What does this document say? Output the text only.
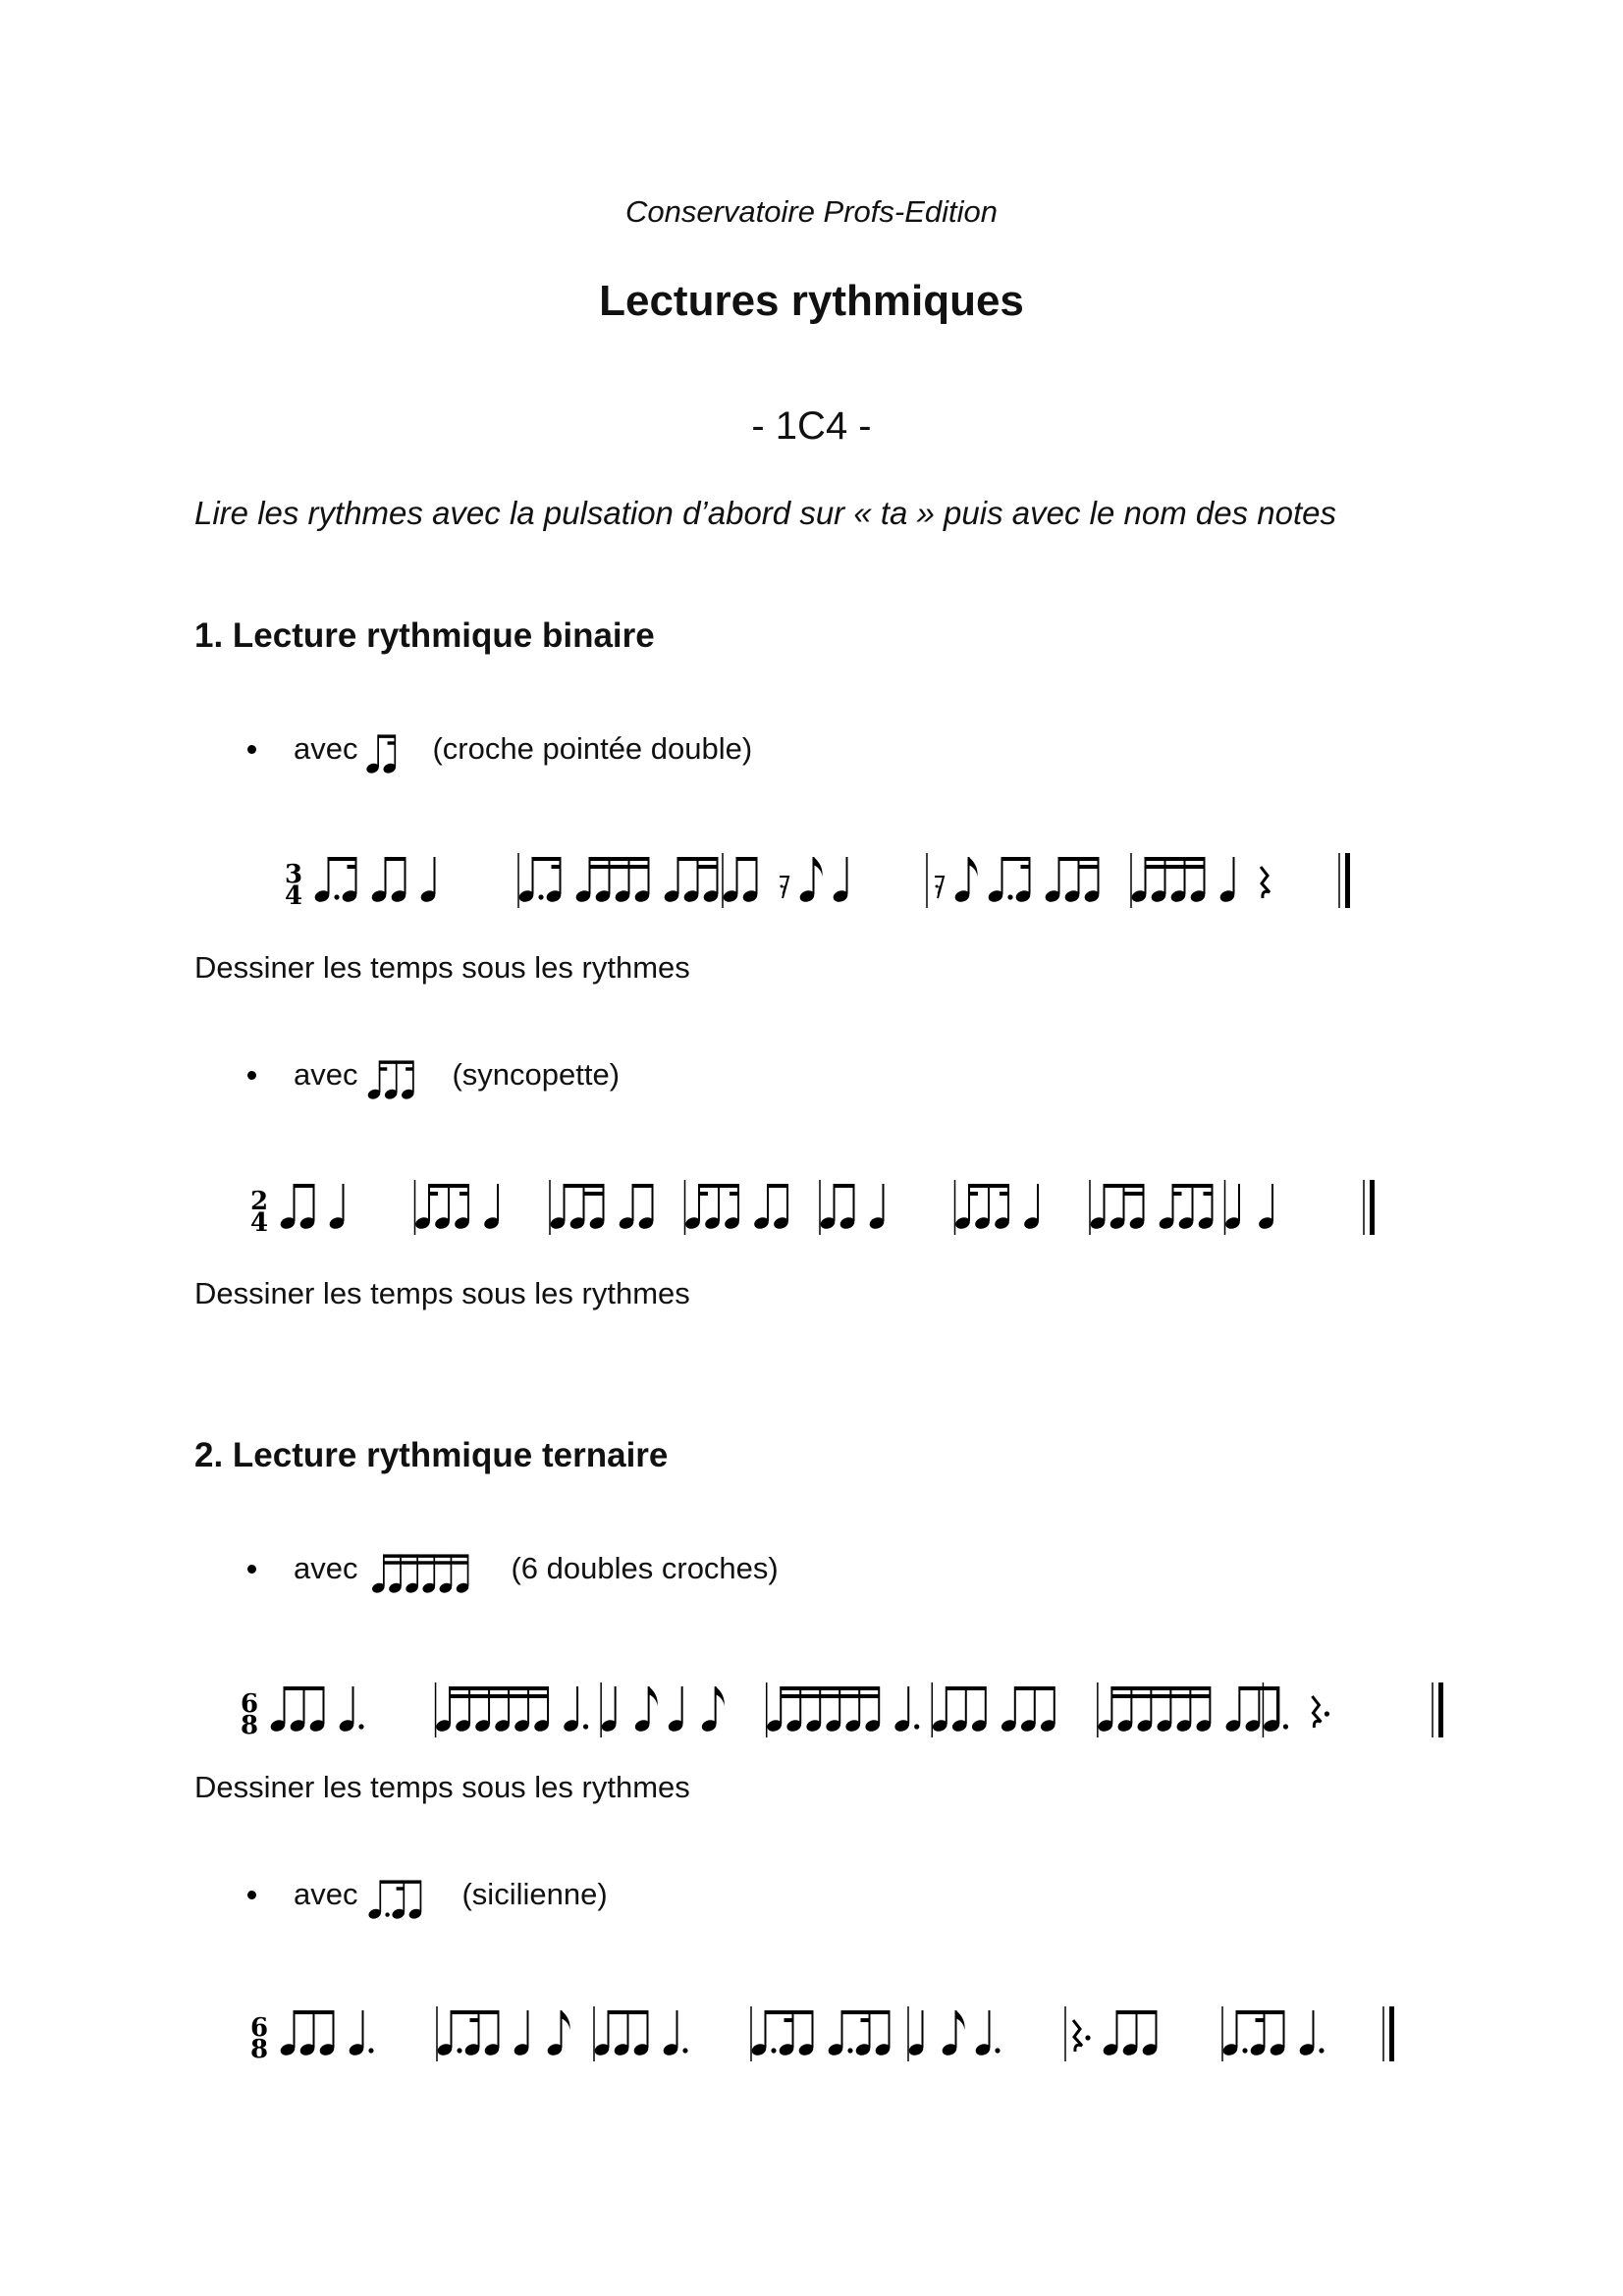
Conservatoire Profs-Edition
Lectures rythmiques
- 1C4 -
Lire les rythmes avec la pulsation d’abord sur « ta » puis avec le nom des notes
1. Lecture rythmique binaire
avec (croche pointée double)
3
4	𝄾	𝄾
Dessiner les temps sous les rythmes
avec	(syncopette)
2
4
Dessiner les temps sous les rythmes
2. Lecture rythmique ternaire
avec	(6 doubles croches)
6
8
Dessiner les temps sous les rythmes
avec	(sicilienne)
6
8
